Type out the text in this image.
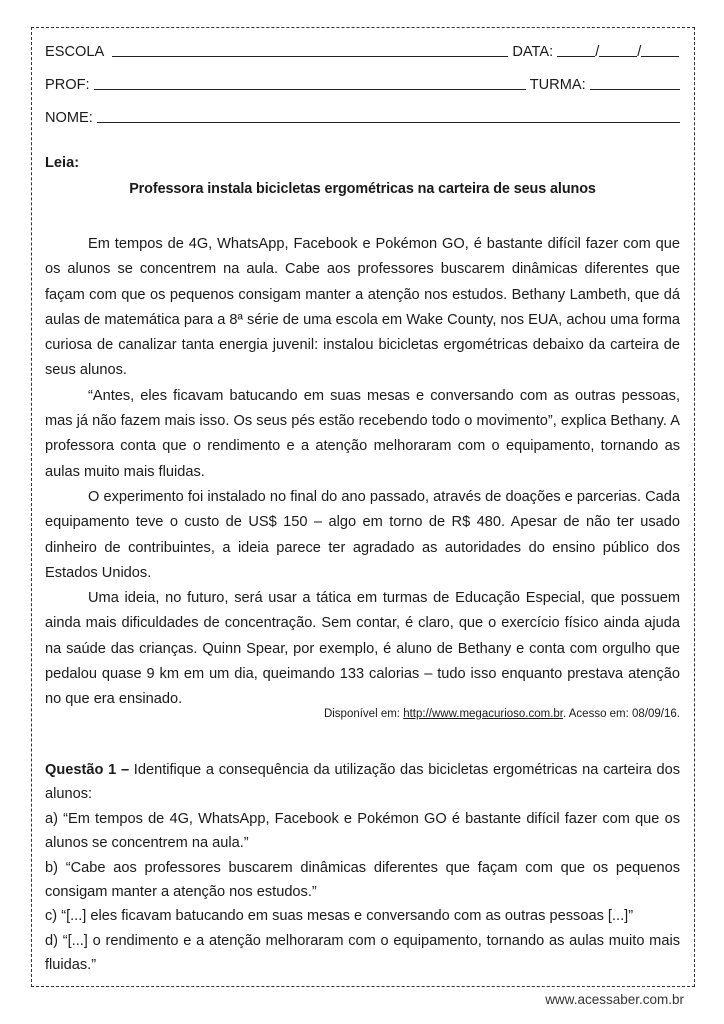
ESCOLA	DATA:	/	/
PROF:	TURMA:
NOME:
Leia:
Professora instala bicicletas ergométricas na carteira de seus alunos

Em tempos de 4G, WhatsApp, Facebook e Pokémon GO, é bastante difícil fazer com que os alunos se concentrem na aula. Cabe aos professores buscarem dinâmicas diferentes que façam com que os pequenos consigam manter a atenção nos estudos. Bethany Lambeth, que dá aulas de matemática para a 8ª série de uma escola em Wake County, nos EUA, achou uma forma curiosa de canalizar tanta energia juvenil: instalou bicicletas ergométricas debaixo da carteira de seus alunos.

“Antes, eles ficavam batucando em suas mesas e conversando com as outras pessoas, mas já não fazem mais isso. Os seus pés estão recebendo todo o movimento”, explica Bethany. A professora conta que o rendimento e a atenção melhoraram com o equipamento, tornando as aulas muito mais fluidas.

O experimento foi instalado no final do ano passado, através de doações e parcerias. Cada equipamento teve o custo de US$ 150 – algo em torno de R$ 480. Apesar de não ter usado dinheiro de contribuintes, a ideia parece ter agradado as autoridades do ensino público dos Estados Unidos.

Uma ideia, no futuro, será usar a tática em turmas de Educação Especial, que possuem ainda mais dificuldades de concentração. Sem contar, é claro, que o exercício físico ainda ajuda na saúde das crianças. Quinn Spear, por exemplo, é aluno de Bethany e conta com orgulho que pedalou quase 9 km em um dia, queimando 133 calorias – tudo isso enquanto prestava atenção no que era ensinado.

Disponível em: http://www.megacurioso.com.br. Acesso em: 08/09/16.

Questão 1 – Identifique a consequência da utilização das bicicletas ergométricas na carteira dos alunos:

a) “Em tempos de 4G, WhatsApp, Facebook e Pokémon GO é bastante difícil fazer com que os alunos se concentrem na aula.”

b) “Cabe aos professores buscarem dinâmicas diferentes que façam com que os pequenos consigam manter a atenção nos estudos.”

c) “[...] eles ficavam batucando em suas mesas e conversando com as outras pessoas [...]”

d) “[...] o rendimento e a atenção melhoraram com o equipamento, tornando as aulas muito mais fluidas.”

www.acessaber.com.br
